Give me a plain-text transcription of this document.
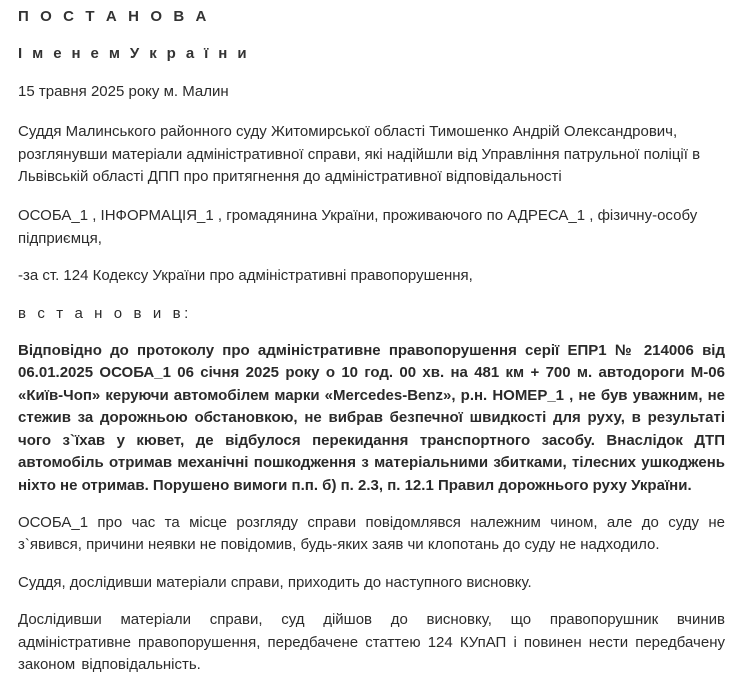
П О С Т А Н О В А

І м е н е м У к р а ї н и

15 травня 2025 року м. Малин

Суддя Малинського районного суду Житомирської області Тимошенко Андрій Олександрович, розглянувши матеріали адміністративної справи, які надійшли від Управління патрульної поліції в Львівській області ДПП про притягнення до адміністративної відповідальності

ОСОБА_1 , ІНФОРМАЦІЯ_1 , громадянина України, проживаючого по АДРЕСА_1 , фізичну-особу підприємця,

-за ст. 124 Кодексу України про адміністративні правопорушення,

в с т а н о в и в:

Відповідно до протоколу про адміністративне правопорушення серії ЕПР1 № 214006 від 06.01.2025 ОСОБА_1 06 січня 2025 року о 10 год. 00 хв. на 481 км + 700 м. автодороги М-06 «Київ-Чоп» керуючи автомобілем марки «Mercedes-Benz», р.н. НОМЕР_1 , не був уважним, не стежив за дорожньою обстановкою, не вибрав безпечної швидкості для руху, в результаті чого з`їхав у кювет, де відбулося перекидання транспортного засобу. Внаслідок ДТП автомобіль отримав механічні пошкодження з матеріальними збитками, тілесних ушкоджень ніхто не отримав. Порушено вимоги п.п. б) п. 2.3, п. 12.1 Правил дорожнього руху України.

ОСОБА_1 про час та місце розгляду справи повідомлявся належним чином, але до суду не з`явився, причини неявки не повідомив, будь-яких заяв чи клопотань до суду не надходило.

Суддя, дослідивши матеріали справи, приходить до наступного висновку.

Дослідивши матеріали справи, суд дійшов до висновку, що правопорушник вчинив адміністративне правопорушення, передбачене статтею 124 КУпАП і повинен нести передбачену законом відповідальність.
